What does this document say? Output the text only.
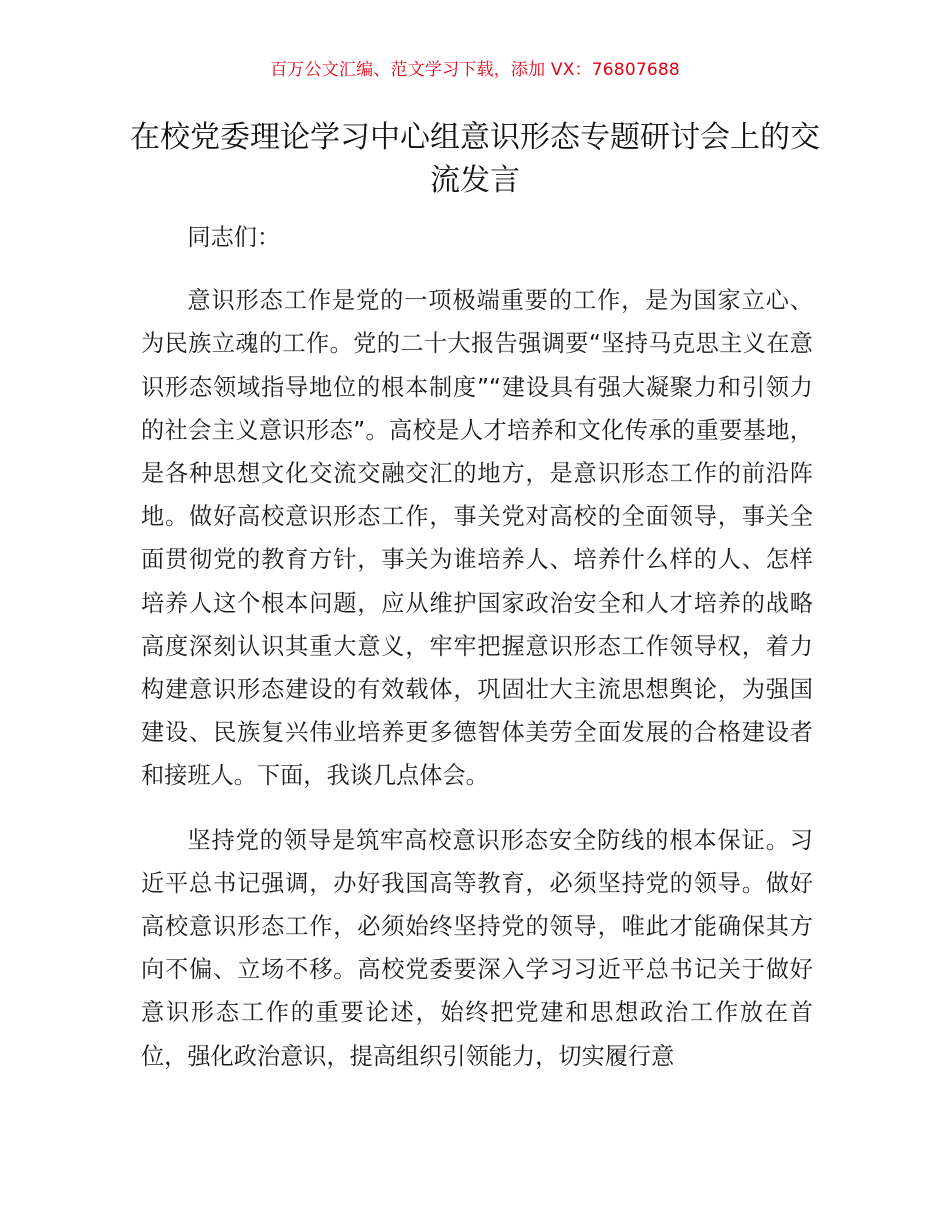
百万公文汇编、范文学习下载，添加 VX：76807688
在校党委理论学习中心组意识形态专题研讨会上的交流发言

同志们：

意识形态工作是党的一项极端重要的工作，是为国家立心、为民族立魂的工作。党的二十大报告强调要“坚持马克思主义在意识形态领域指导地位的根本制度”“建设具有强大凝聚力和引领力的社会主义意识形态”。高校是人才培养和文化传承的重要基地，是各种思想文化交流交融交汇的地方，是意识形态工作的前沿阵地。做好高校意识形态工作，事关党对高校的全面领导，事关全面贯彻党的教育方针，事关为谁培养人、培养什么样的人、怎样培养人这个根本问题，应从维护国家政治安全和人才培养的战略高度深刻认识其重大意义，牢牢把握意识形态工作领导权，着力构建意识形态建设的有效载体，巩固壮大主流思想舆论，为强国建设、民族复兴伟业培养更多德智体美劳全面发展的合格建设者和接班人。下面，我谈几点体会。

坚持党的领导是筑牢高校意识形态安全防线的根本保证。习近平总书记强调，办好我国高等教育，必须坚持党的领导。做好高校意识形态工作，必须始终坚持党的领导，唯此才能确保其方向不偏、立场不移。高校党委要深入学习习近平总书记关于做好意识形态工作的重要论述，始终把党建和思想政治工作放在首位，强化政治意识，提高组织引领能力，切实履行意
